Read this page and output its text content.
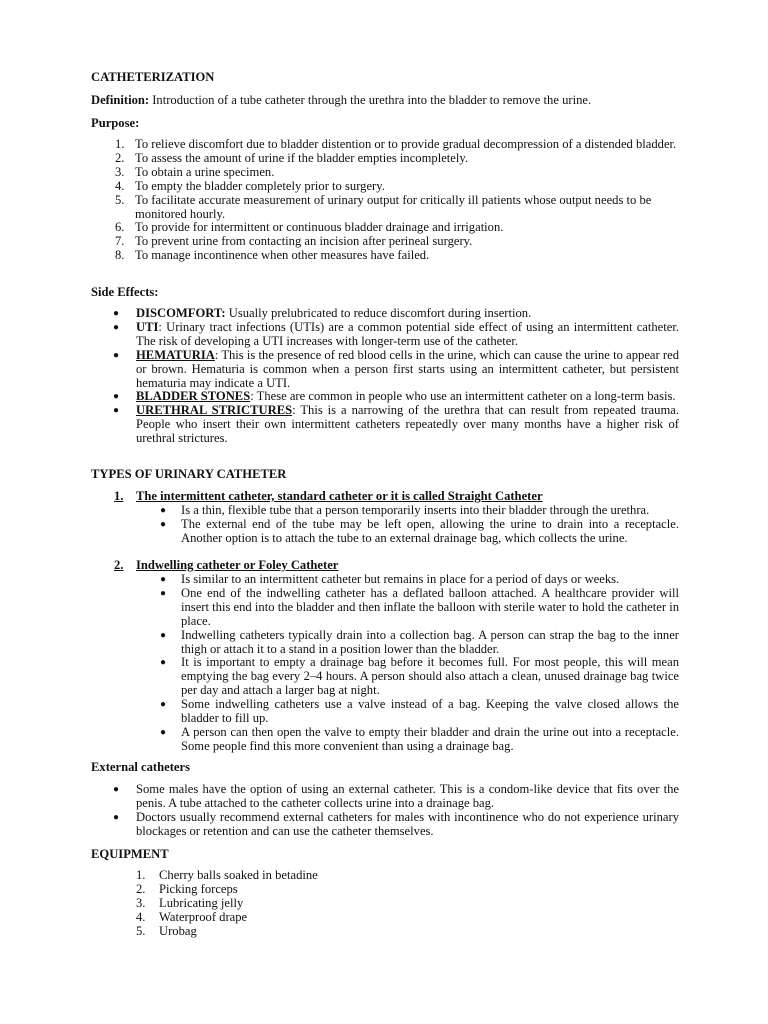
CATHETERIZATION
Definition: Introduction of a tube catheter through the urethra into the bladder to remove the urine.
Purpose:
1. To relieve discomfort due to bladder distention or to provide gradual decompression of a distended bladder.
2. To assess the amount of urine if the bladder empties incompletely.
3. To obtain a urine specimen.
4. To empty the bladder completely prior to surgery.
5. To facilitate accurate measurement of urinary output for critically ill patients whose output needs to be monitored hourly.
6. To provide for intermittent or continuous bladder drainage and irrigation.
7. To prevent urine from contacting an incision after perineal surgery.
8. To manage incontinence when other measures have failed.
Side Effects:
● DISCOMFORT: Usually prelubricated to reduce discomfort during insertion.
● UTI: Urinary tract infections (UTIs) are a common potential side effect of using an intermittent catheter. The risk of developing a UTI increases with longer-term use of the catheter.
● HEMATURIA: This is the presence of red blood cells in the urine, which can cause the urine to appear red or brown. Hematuria is common when a person first starts using an intermittent catheter, but persistent hematuria may indicate a UTI.
● BLADDER STONES: These are common in people who use an intermittent catheter on a long-term basis.
● URETHRAL STRICTURES: This is a narrowing of the urethra that can result from repeated trauma. People who insert their own intermittent catheters repeatedly over many months have a higher risk of urethral strictures.
TYPES OF URINARY CATHETER
1. The intermittent catheter, standard catheter or it is called Straight Catheter
● Is a thin, flexible tube that a person temporarily inserts into their bladder through the urethra.
● The external end of the tube may be left open, allowing the urine to drain into a receptacle. Another option is to attach the tube to an external drainage bag, which collects the urine.
2. Indwelling catheter or Foley Catheter
● Is similar to an intermittent catheter but remains in place for a period of days or weeks.
● One end of the indwelling catheter has a deflated balloon attached. A healthcare provider will insert this end into the bladder and then inflate the balloon with sterile water to hold the catheter in place.
● Indwelling catheters typically drain into a collection bag. A person can strap the bag to the inner thigh or attach it to a stand in a position lower than the bladder.
● It is important to empty a drainage bag before it becomes full. For most people, this will mean emptying the bag every 2–4 hours. A person should also attach a clean, unused drainage bag twice per day and attach a larger bag at night.
● Some indwelling catheters use a valve instead of a bag. Keeping the valve closed allows the bladder to fill up.
● A person can then open the valve to empty their bladder and drain the urine out into a receptacle. Some people find this more convenient than using a drainage bag.
External catheters
● Some males have the option of using an external catheter. This is a condom-like device that fits over the penis. A tube attached to the catheter collects urine into a drainage bag.
● Doctors usually recommend external catheters for males with incontinence who do not experience urinary blockages or retention and can use the catheter themselves.
EQUIPMENT
1. Cherry balls soaked in betadine
2. Picking forceps
3. Lubricating jelly
4. Waterproof drape
5. Urobag
